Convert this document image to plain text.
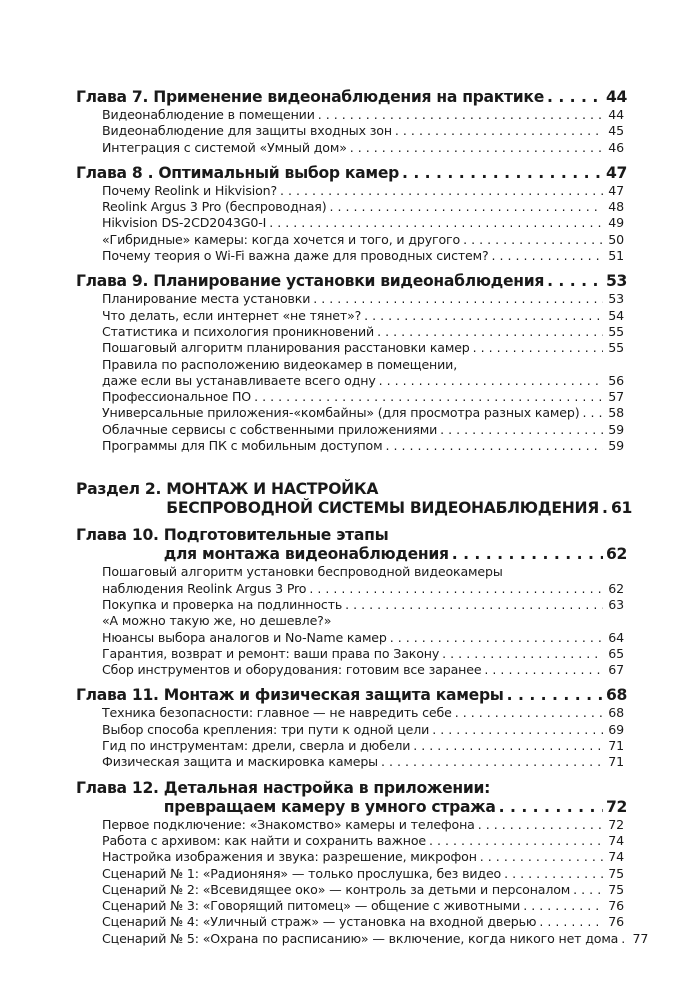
Глава 7. Применение видеонаблюдения на практике . . .	44
Видеонаблюдение в помещении . . .	44
Видеонаблюдение для защиты входных зон . . .	45
Интеграция с системой «Умный дом» . . .	46
Глава 8 . Оптимальный выбор камер . . .	47
Почему Reolink и Hikvision? . . .	47
Reolink Argus 3 Pro (беспроводная) . . .	48
Hikvision DS-2CD2043G0-I . . .	49
«Гибридные» камеры: когда хочется и того, и другого . . .	50
Почему теория о Wi-Fi важна даже для проводных систем? . . .	51
Глава 9. Планирование установки видеонаблюдения . . .	53
Планирование места установки . . .	53
Что делать, если интернет «не тянет»? . . .	54
Статистика и психология проникновений . . .	55
Пошаговый алгоритм планирования расстановки камер . . .	55
Правила по расположению видеокамер в помещении,
даже если вы устанавливаете всего одну . . .	56
Профессиональное ПО . . .	57
Универсальные приложения-«комбайны» (для просмотра разных камер) . . . 58
Облачные сервисы с собственными приложениями . . .	59
Программы для ПК с мобильным доступом . . .	59
Раздел 2. МОНТАЖ И НАСТРОЙКА
БЕСПРОВОДНОЙ СИСТЕМЫ ВИДЕОНАБЛЮДЕНИЯ . . . 61
Глава 10. Подготовительные этапы
для монтажа видеонаблюдения . . .	62
Пошаговый алгоритм установки беспроводной видеокамеры
наблюдения Reolink Argus 3 Pro . . .	62
Покупка и проверка на подлинность . . .	63
«А можно такую же, но дешевле?»
Нюансы выбора аналогов и No-Name камер . . .	64
Гарантия, возврат и ремонт: ваши права по Закону . . .	65
Сбор инструментов и оборудования: готовим все заранее . . .	67
Глава 11. Монтаж и физическая защита камеры . . .	68
Техника безопасности: главное — не навредить себе . . .	68
Выбор способа крепления: три пути к одной цели . . .	69
Гид по инструментам: дрели, сверла и дюбели . . .	71
Физическая защита и маскировка камеры . . .	71
Глава 12. Детальная настройка в приложении:
превращаем камеру в умного стража . . .	72
Первое подключение: «Знакомство» камеры и телефона . . .	72
Работа с архивом: как найти и сохранить важное . . .	74
Настройка изображения и звука: разрешение, микрофон . . .	74
Сценарий № 1: «Радионяня» — только прослушка, без видео . . .	75
Сценарий № 2: «Всевидящее око» — контроль за детьми и персоналом . . .	75
Сценарий № 3: «Говорящий питомец» — общение с животными . . .	76
Сценарий № 4: «Уличный страж» — установка на входной дверью . . .	76
Сценарий № 5: «Охрана по расписанию» — включение, когда никого нет дома . . . 77
